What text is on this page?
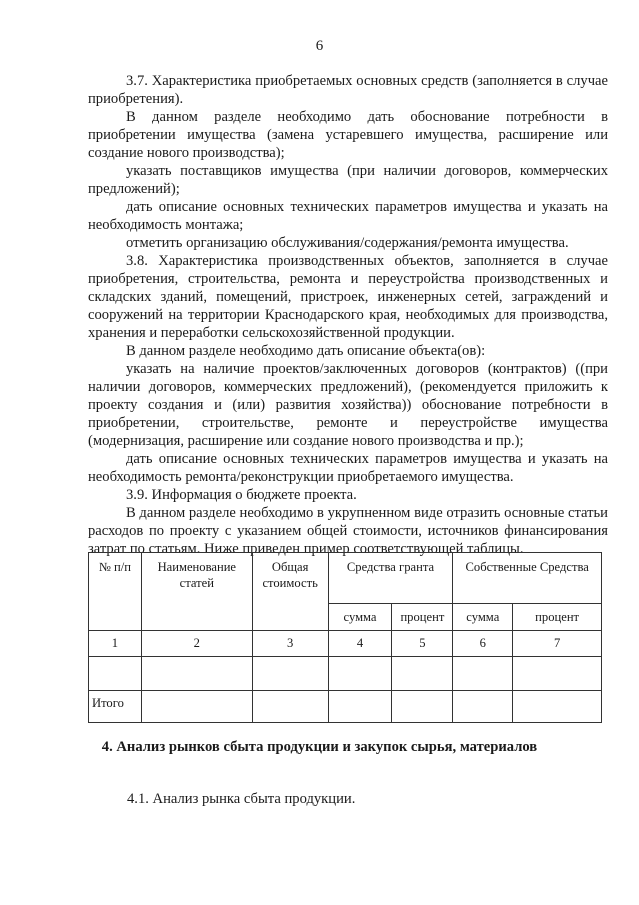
6

3.7. Характеристика приобретаемых основных средств (заполняется в случае приобретения).

В данном разделе необходимо дать обоснование потребности в приобретении имущества (замена устаревшего имущества, расширение или создание нового производства);

указать поставщиков имущества (при наличии договоров, коммерческих предложений);

дать описание основных технических параметров имущества и указать на необходимость монтажа;

отметить организацию обслуживания/содержания/ремонта имущества.

3.8. Характеристика производственных объектов, заполняется в случае приобретения, строительства, ремонта и переустройства производственных и складских зданий, помещений, пристроек, инженерных сетей, заграждений и сооружений на территории Краснодарского края, необходимых для производства, хранения и переработки сельскохозяйственной продукции.

В данном разделе необходимо дать описание объекта(ов):

указать на наличие проектов/заключенных договоров (контрактов) ((при наличии договоров, коммерческих предложений), (рекомендуется приложить к проекту создания и (или) развития хозяйства)) обоснование потребности в приобретении, строительстве, ремонте и переустройстве имущества (модернизация, расширение или создание нового производства и пр.);

дать описание основных технических параметров имущества и указать на необходимость ремонта/реконструкции приобретаемого имущества.

3.9. Информация о бюджете проекта.

В данном разделе необходимо в укрупненном виде отразить основные статьи расходов по проекту с указанием общей стоимости, источников финансирования затрат по статьям. Ниже приведен пример соответствующей таблицы.

№ п/п	Наименование статей	Общая стоимость	Средства гранта		Собственные Средства	
			сумма	процент	сумма	процент
1	2	3	4	5	6	7

Итого						
4. Анализ рынков сбыта продукции и закупок сырья, материалов
4.1. Анализ рынка сбыта продукции.
